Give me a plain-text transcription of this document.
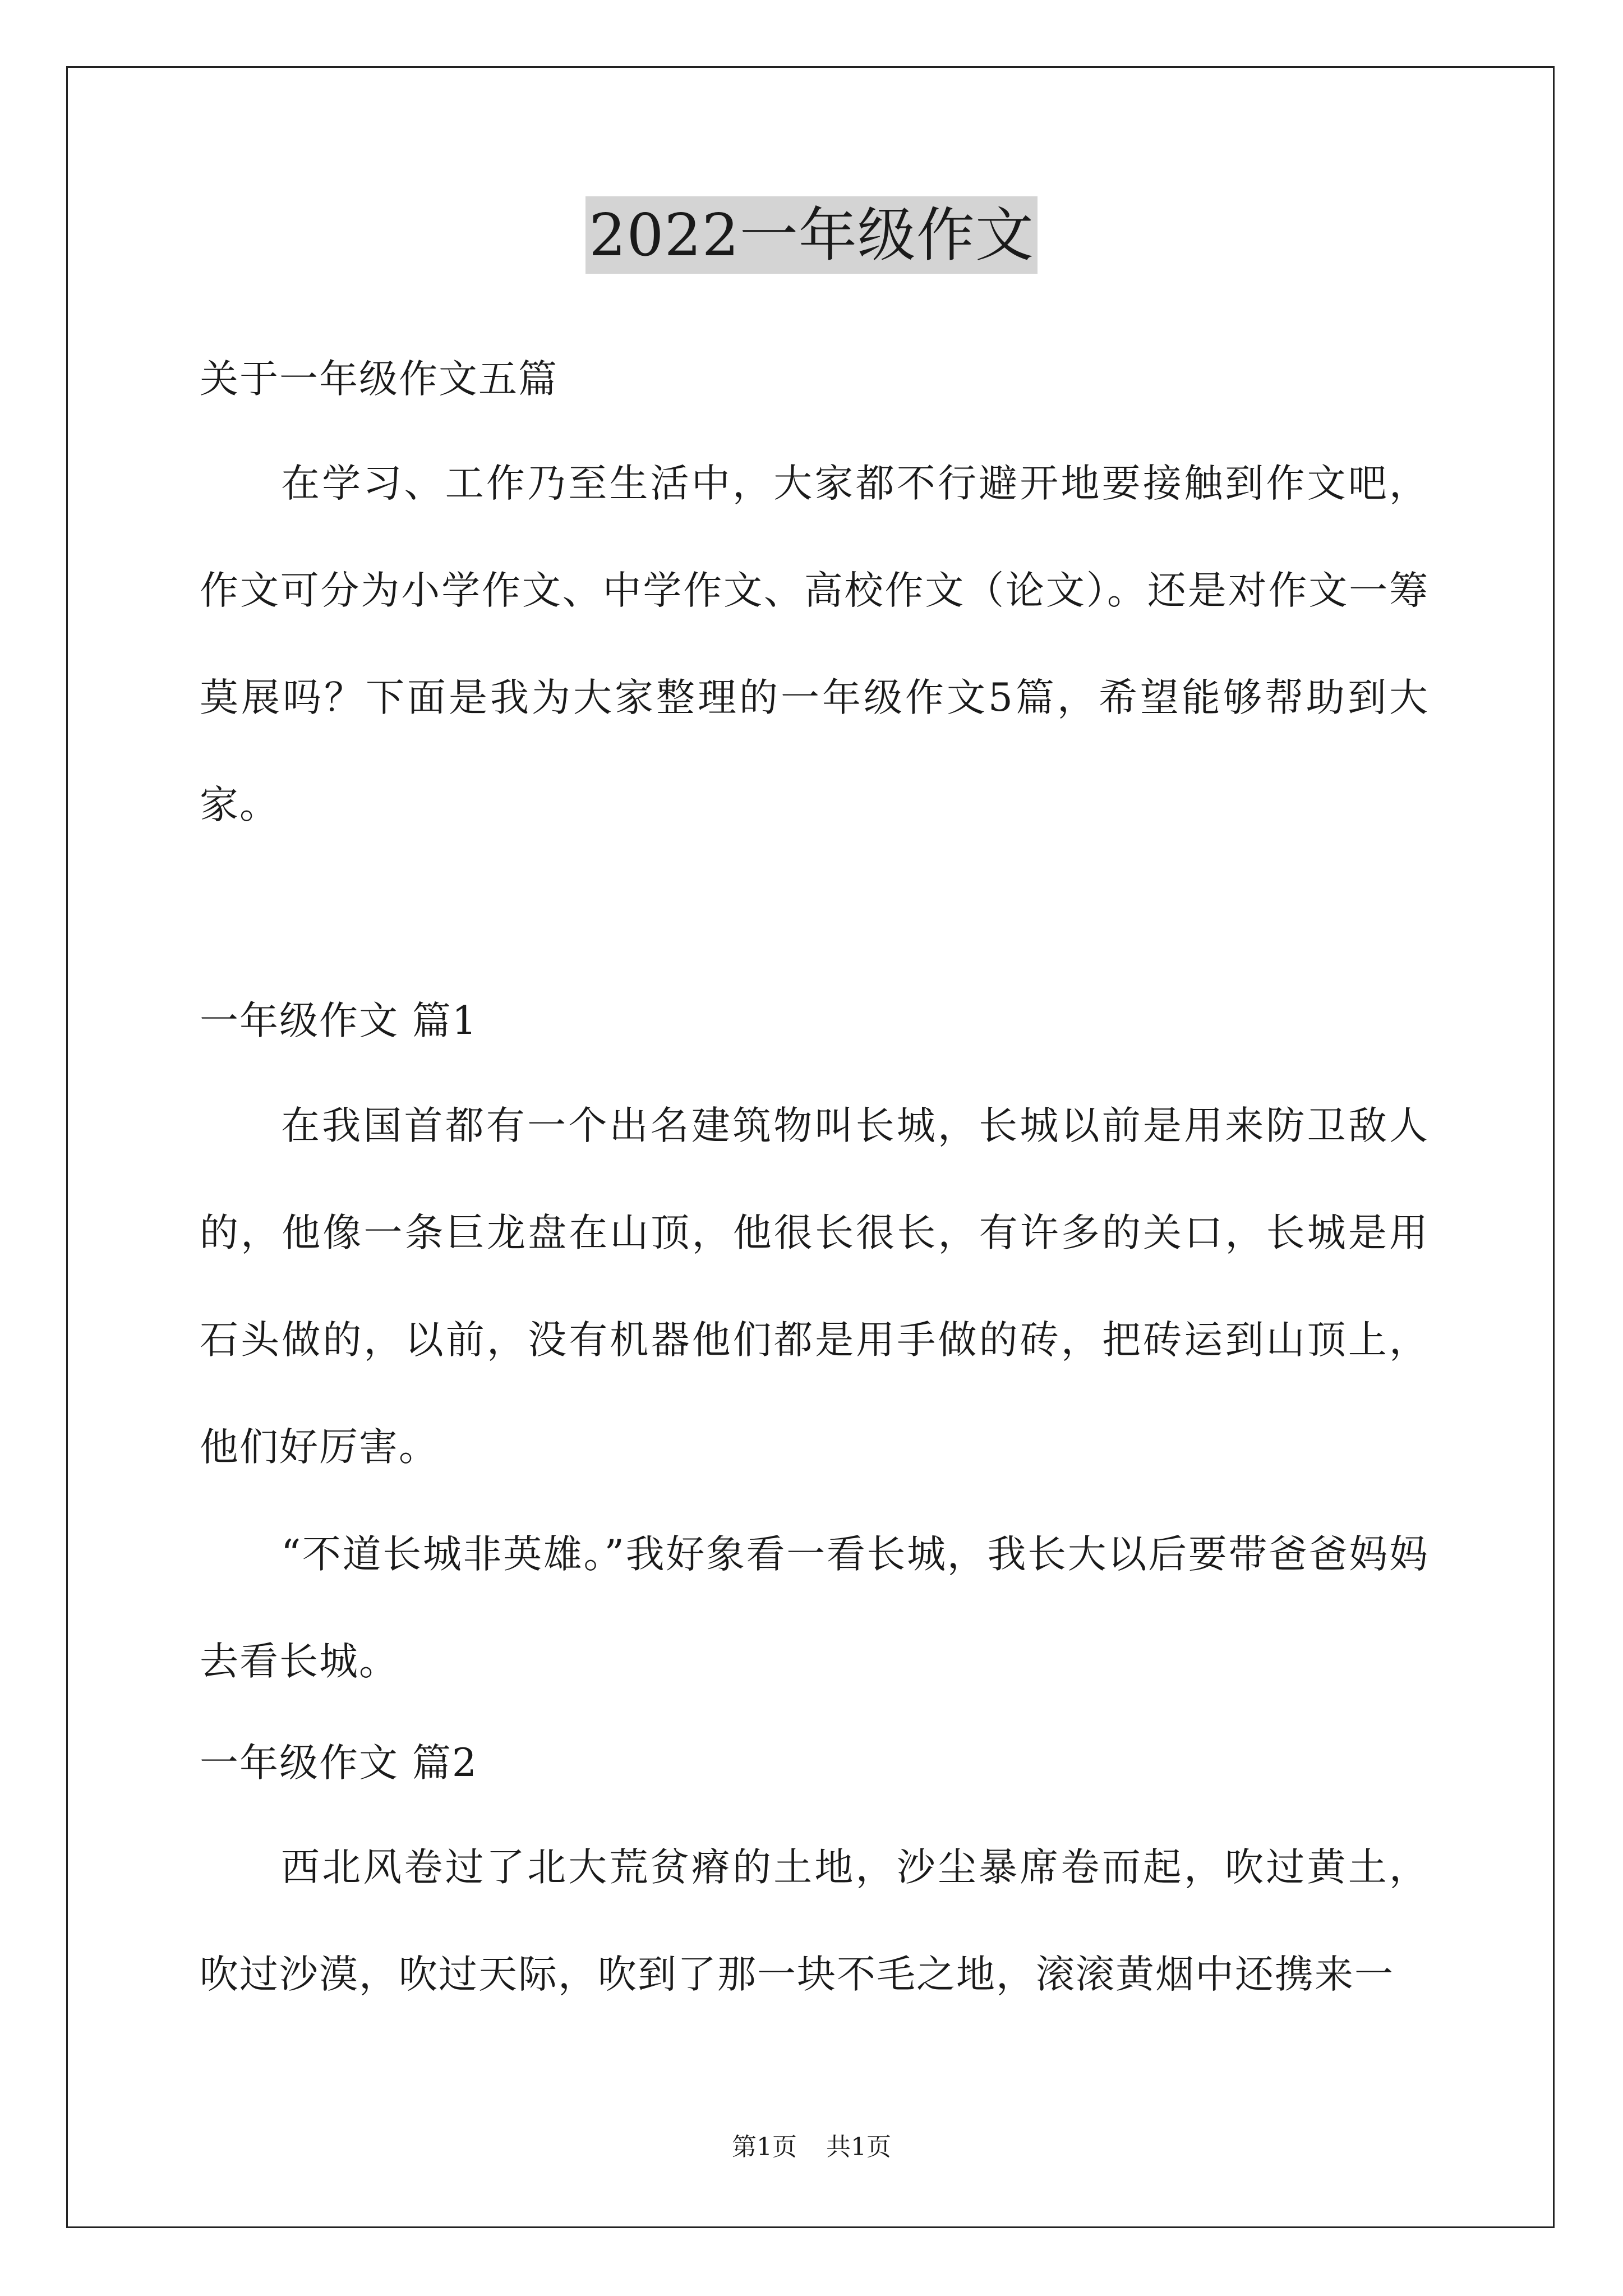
2022一年级作文
关于一年级作文五篇
在学习、工作乃至生活中，大家都不行避开地要接触到作文吧，作文可分为小学作文、中学作文、高校作文（论文）。还是对作文一筹莫展吗？下面是我为大家整理的一年级作文5篇，希望能够帮助到大家。
一年级作文 篇1
在我国首都有一个出名建筑物叫长城，长城以前是用来防卫敌人的，他像一条巨龙盘在山顶，他很长很长，有许多的关口，长城是用石头做的，以前，没有机器他们都是用手做的砖，把砖运到山顶上，他们好厉害。
“不道长城非英雄。”我好象看一看长城，我长大以后要带爸爸妈妈去看长城。
一年级作文 篇2
西北风卷过了北大荒贫瘠的土地，沙尘暴席卷而起，吹过黄土，吹过沙漠，吹过天际，吹到了那一块不毛之地，滚滚黄烟中还携来一
第1页 共1页
